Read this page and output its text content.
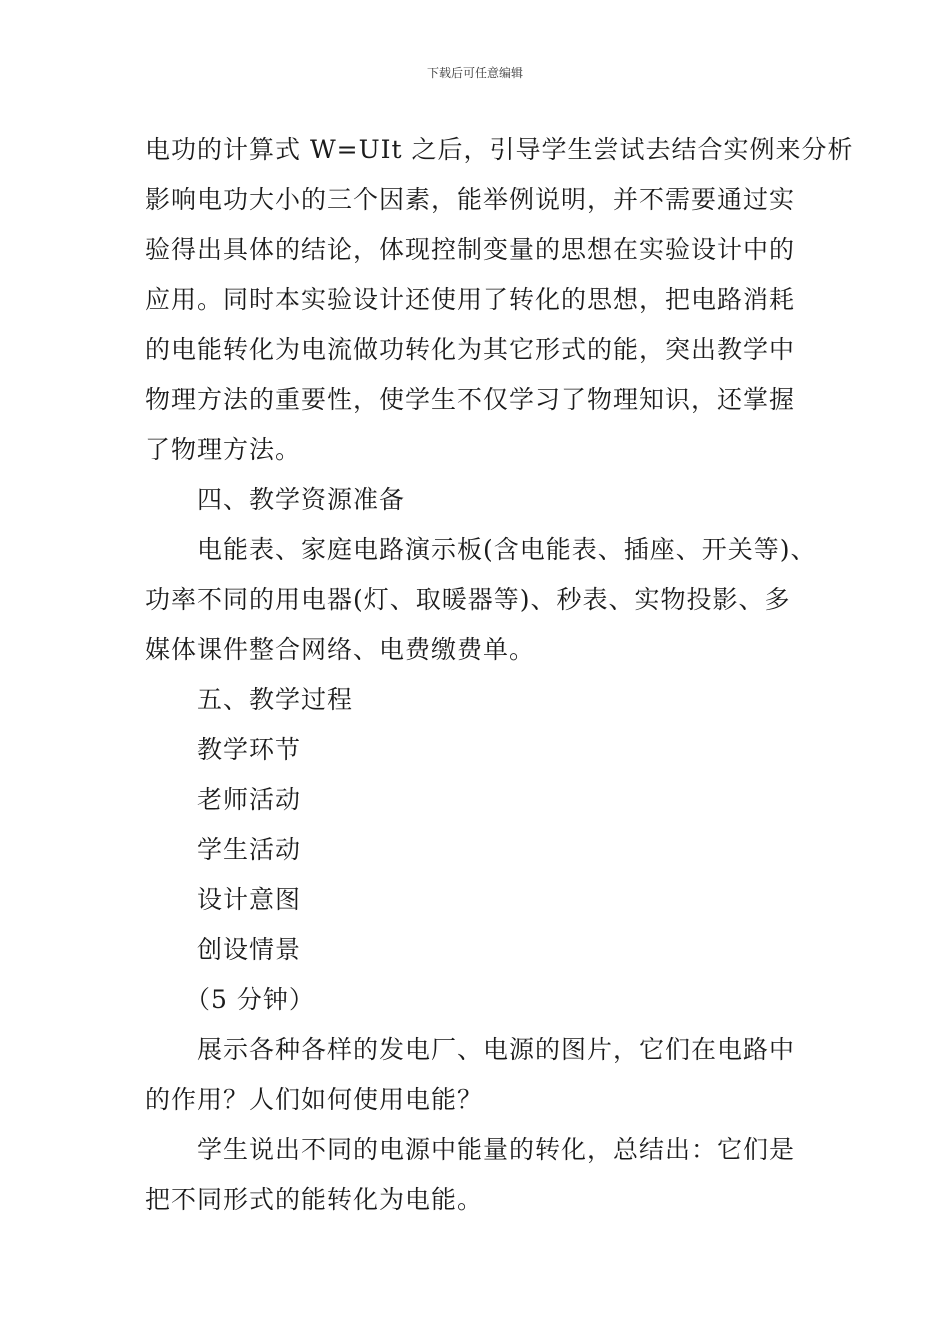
下载后可任意编辑
电功的计算式 W=UIt 之后，引导学生尝试去结合实例来分析
影响电功大小的三个因素，能举例说明，并不需要通过实
验得出具体的结论，体现控制变量的思想在实验设计中的
应用。同时本实验设计还使用了转化的思想，把电路消耗
的电能转化为电流做功转化为其它形式的能，突出教学中
物理方法的重要性，使学生不仅学习了物理知识，还掌握
了物理方法。
四、教学资源准备
电能表、家庭电路演示板(含电能表、插座、开关等)、
功率不同的用电器(灯、取暖器等)、秒表、实物投影、多
媒体课件整合网络、电费缴费单。
五、教学过程
教学环节
老师活动
学生活动
设计意图
创设情景
（5 分钟）
展示各种各样的发电厂、电源的图片，它们在电路中
的作用？人们如何使用电能？
学生说出不同的电源中能量的转化，总结出：它们是
把不同形式的能转化为电能。
